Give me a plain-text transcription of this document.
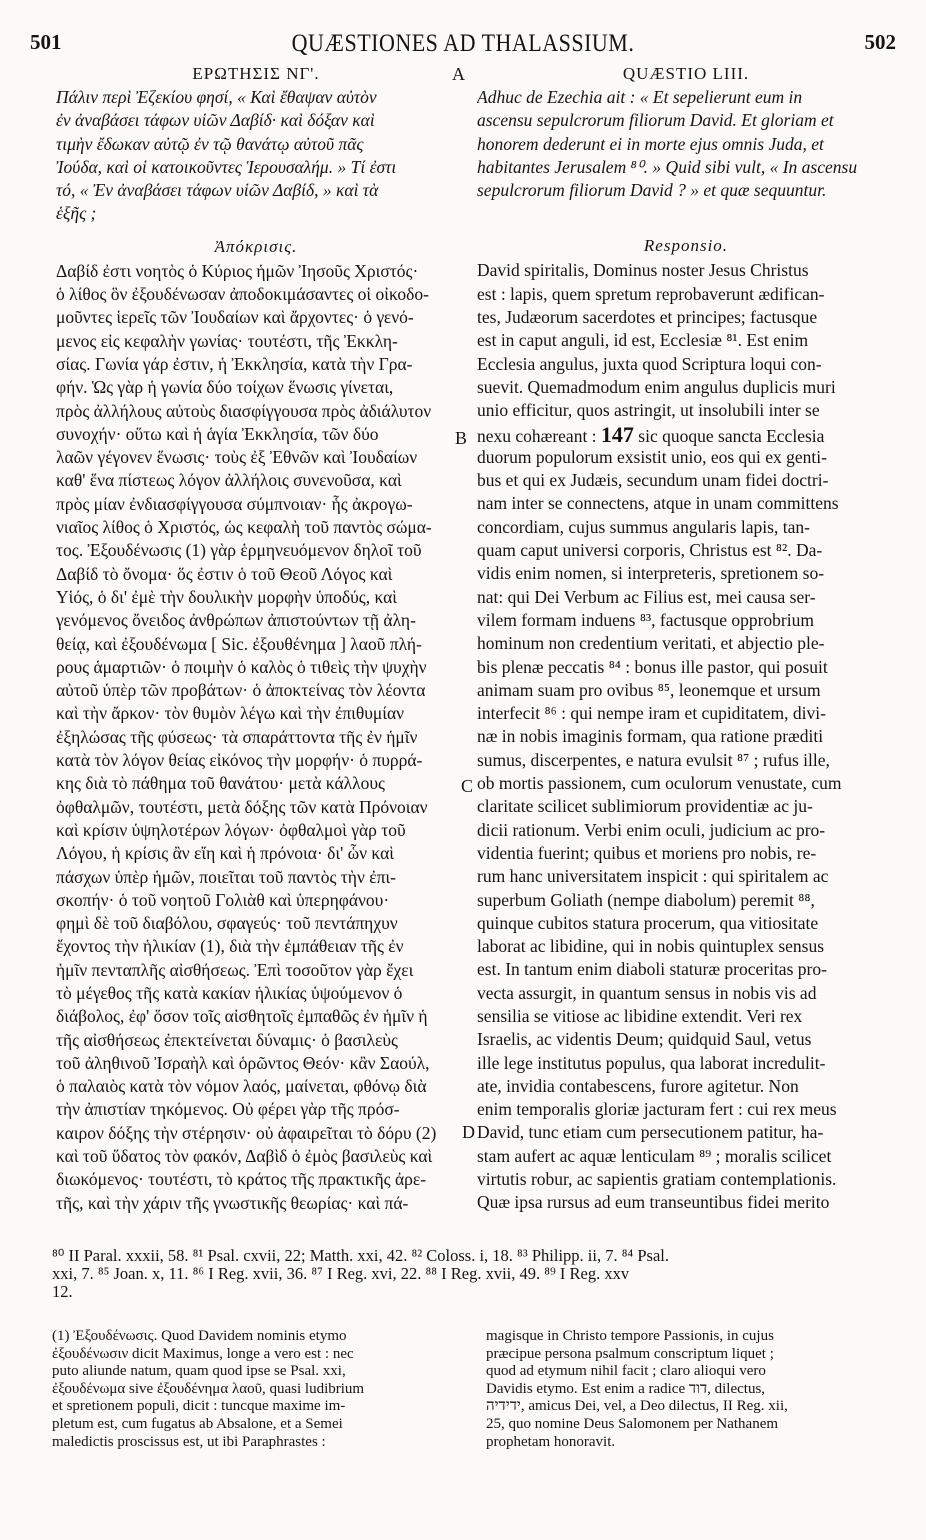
501	QUÆSTIONES AD THALASSIUM.	502
ΕΡΩΤΗΣΙΣ ΝΓ'.
Πάλιν περὶ Ἐζεκίου φησί, « Καὶ ἔθαψαν αὐτὸν
ἐν ἀναβάσει τάφων υἱῶν Δαβίδ· καὶ δόξαν καὶ
τιμὴν ἔδωκαν αὐτῷ ἐν τῷ θανάτῳ αὐτοῦ πᾶς
Ἰούδα, καὶ οἱ κατοικοῦντες Ἱερουσαλήμ. » Τί ἐστι
τό, « Ἐν ἀναβάσει τάφων υἱῶν Δαβίδ, » καὶ τὰ
ἑξῆς ;
Ἀπόκρισις.
Δαβίδ ἐστι νοητὸς ὁ Κύριος ἡμῶν Ἰησοῦς Χριστός·
ὁ λίθος ὃν ἐξουδένωσαν ἀποδοκιμάσαντες οἱ οἰκοδο-
μοῦντες ἱερεῖς τῶν Ἰουδαίων καὶ ἄρχοντες· ὁ γενό-
μενος εἰς κεφαλὴν γωνίας· τουτέστι, τῆς Ἐκκλη-
σίας. Γωνία γάρ ἐστιν, ἡ Ἐκκλησία, κατὰ τὴν Γρα-
φήν. Ὡς γὰρ ἡ γωνία δύο τοίχων ἕνωσις γίνεται,
πρὸς ἀλλήλους αὐτοὺς διασφίγγουσα πρὸς ἀδιάλυτον
συνοχήν· οὕτω καὶ ἡ ἁγία Ἐκκλησία, τῶν δύο
λαῶν γέγονεν ἕνωσις· τοὺς ἐξ Ἐθνῶν καὶ Ἰουδαίων
καθ' ἕνα πίστεως λόγον ἀλλήλοις συνενοῦσα, καὶ
πρὸς μίαν ἐνδιασφίγγουσα σύμπνοιαν· ἧς ἀκρογω-
νιαῖος λίθος ὁ Χριστός, ὡς κεφαλὴ τοῦ παντὸς σώμα-
τος. Ἐξουδένωσις (1) γὰρ ἑρμηνευόμενον δηλοῖ τοῦ
Δαβίδ τὸ ὄνομα· ὅς ἐστιν ὁ τοῦ Θεοῦ Λόγος καὶ
Υἱός, ὁ δι' ἐμὲ τὴν δουλικὴν μορφὴν ὑποδύς, καὶ
γενόμενος ὄνειδος ἀνθρώπων ἀπιστούντων τῇ ἀλη-
θείᾳ, καὶ ἐξουδένωμα [ Sic. ἐξουθένημα ] λαοῦ πλή-
ρους ἁμαρτιῶν· ὁ ποιμὴν ὁ καλὸς ὁ τιθεὶς τὴν ψυχὴν
αὐτοῦ ὑπὲρ τῶν προβάτων· ὁ ἀποκτείνας τὸν λέοντα
καὶ τὴν ἄρκον· τὸν θυμὸν λέγω καὶ τὴν ἐπιθυμίαν
ἐξηλώσας τῆς φύσεως· τὰ σπαράττοντα τῆς ἐν ἡμῖν
κατὰ τὸν λόγον θείας εἰκόνος τὴν μορφήν· ὁ πυρρά-
κης διὰ τὸ πάθημα τοῦ θανάτου· μετὰ κάλλους
ὀφθαλμῶν, τουτέστι, μετὰ δόξης τῶν κατὰ Πρόνοιαν
καὶ κρίσιν ὑψηλοτέρων λόγων· ὀφθαλμοὶ γὰρ τοῦ
Λόγου, ἡ κρίσις ἂν εἴη καὶ ἡ πρόνοια· δι' ὧν καὶ
πάσχων ὑπὲρ ἡμῶν, ποιεῖται τοῦ παντὸς τὴν ἐπι-
σκοπήν· ὁ τοῦ νοητοῦ Γολιὰθ καὶ ὑπερηφάνου·
φημὶ δὲ τοῦ διαβόλου, σφαγεύς· τοῦ πεντάπηχυν
ἔχοντος τὴν ἡλικίαν (1), διὰ τὴν ἐμπάθειαν τῆς ἐν
ἡμῖν πενταπλῆς αἰσθήσεως. Ἐπὶ τοσοῦτον γὰρ ἔχει
τὸ μέγεθος τῆς κατὰ κακίαν ἡλικίας ὑψούμενον ὁ
διάβολος, ἐφ' ὅσον τοῖς αἰσθητοῖς ἐμπαθῶς ἐν ἡμῖν ἡ
τῆς αἰσθήσεως ἐπεκτείνεται δύναμις· ὁ βασιλεὺς
τοῦ ἀληθινοῦ Ἰσραὴλ καὶ ὁρῶντος Θεόν· κἂν Σαούλ,
ὁ παλαιὸς κατὰ τὸν νόμον λαός, μαίνεται, φθόνῳ διὰ
τὴν ἀπιστίαν τηκόμενος. Οὐ φέρει γὰρ τῆς πρόσ-
καιρον δόξης τὴν στέρησιν· οὐ ἀφαιρεῖται τὸ δόρυ (2)
καὶ τοῦ ὕδατος τὸν φακόν, Δαβὶδ ὁ ἐμὸς βασιλεὺς καὶ
διωκόμενος· τουτέστι, τὸ κράτος τῆς πρακτικῆς ἀρε-
τῆς, καὶ τὴν χάριν τῆς γνωστικῆς θεωρίας· καὶ πά-
A
B
C
D
QUÆSTIO LIII.
Adhuc de Ezechia ait : « Et sepelierunt eum in
ascensu sepulcrorum filiorum David. Et gloriam et
honorem dederunt ei in morte ejus omnis Juda, et
habitantes Jerusalem ⁸⁰. » Quid sibi vult, « In ascensu
sepulcrorum filiorum David ? » et quæ sequuntur.
Responsio.
David spiritalis, Dominus noster Jesus Christus
est : lapis, quem spretum reprobaverunt ædifican-
tes, Judæorum sacerdotes et principes; factusque
est in caput anguli, id est, Ecclesiæ ⁸¹. Est enim
Ecclesia angulus, juxta quod Scriptura loqui con-
suevit. Quemadmodum enim angulus duplicis muri
unio efficitur, quos astringit, ut insolubili inter se
nexu cohæreant : 147 sic quoque sancta Ecclesia
duorum populorum exsistit unio, eos qui ex genti-
bus et qui ex Judæis, secundum unam fidei doctri-
nam inter se connectens, atque in unam committens
concordiam, cujus summus angularis lapis, tan-
quam caput universi corporis, Christus est ⁸². Da-
vidis enim nomen, si interpreteris, spretionem so-
nat: qui Dei Verbum ac Filius est, mei causa ser-
vilem formam induens ⁸³, factusque opprobrium
hominum non credentium veritati, et abjectio ple-
bis plenæ peccatis ⁸⁴ : bonus ille pastor, qui posuit
animam suam pro ovibus ⁸⁵, leonemque et ursum
interfecit ⁸⁶ : qui nempe iram et cupiditatem, divi-
næ in nobis imaginis formam, qua ratione præditi
sumus, discerpentes, e natura evulsit ⁸⁷ ; rufus ille,
ob mortis passionem, cum oculorum venustate, cum
claritate scilicet sublimiorum providentiæ ac ju-
dicii rationum. Verbi enim oculi, judicium ac pro-
videntia fuerint; quibus et moriens pro nobis, re-
rum hanc universitatem inspicit : qui spiritalem ac
superbum Goliath (nempe diabolum) peremit ⁸⁸,
quinque cubitos statura procerum, qua vitiositate
laborat ac libidine, qui in nobis quintuplex sensus
est. In tantum enim diaboli staturæ proceritas pro-
vecta assurgit, in quantum sensus in nobis vis ad
sensilia se vitiose ac libidine extendit. Veri rex
Israelis, ac videntis Deum; quidquid Saul, vetus
ille lege institutus populus, qua laborat incredulit-
ate, invidia contabescens, furore agitetur. Non
enim temporalis gloriæ jacturam fert : cui rex meus
David, tunc etiam cum persecutionem patitur, ha-
stam aufert ac aquæ lenticulam ⁸⁹ ; moralis scilicet
virtutis robur, ac sapientis gratiam contemplationis.
Quæ ipsa rursus ad eum transeuntibus fidei merito
⁸⁰ II Paral. xxxii, 58. ⁸¹ Psal. cxvii, 22; Matth. xxi, 42. ⁸² Coloss. i, 18. ⁸³ Philipp. ii, 7. ⁸⁴ Psal.
xxi, 7. ⁸⁵ Joan. x, 11. ⁸⁶ I Reg. xvii, 36. ⁸⁷ I Reg. xvi, 22. ⁸⁸ I Reg. xvii, 49. ⁸⁹ I Reg. xxv
12.
(1) Ἐξουδένωσις. Quod Davidem nominis etymo
ἐξουδένωσιν dicit Maximus, longe a vero est : nec
puto aliunde natum, quam quod ipse se Psal. xxi,
ἐξουδένωμα sive ἐξουδένημα λαοῦ, quasi ludibrium
et spretionem populi, dicit : tuncque maxime im-
pletum est, cum fugatus ab Absalone, et a Semei
maledictis proscissus est, ut ibi Paraphrastes :
magisque in Christo tempore Passionis, in cujus
præcipue persona psalmum conscriptum liquet ;
quod ad etymum nihil facit ; claro alioqui vero
Davidis etymo. Est enim a radice דוד, dilectus,
ידידיה, amicus Dei, vel, a Deo dilectus, II Reg. xii,
25, quo nomine Deus Salomonem per Nathanem
prophetam honoravit.
